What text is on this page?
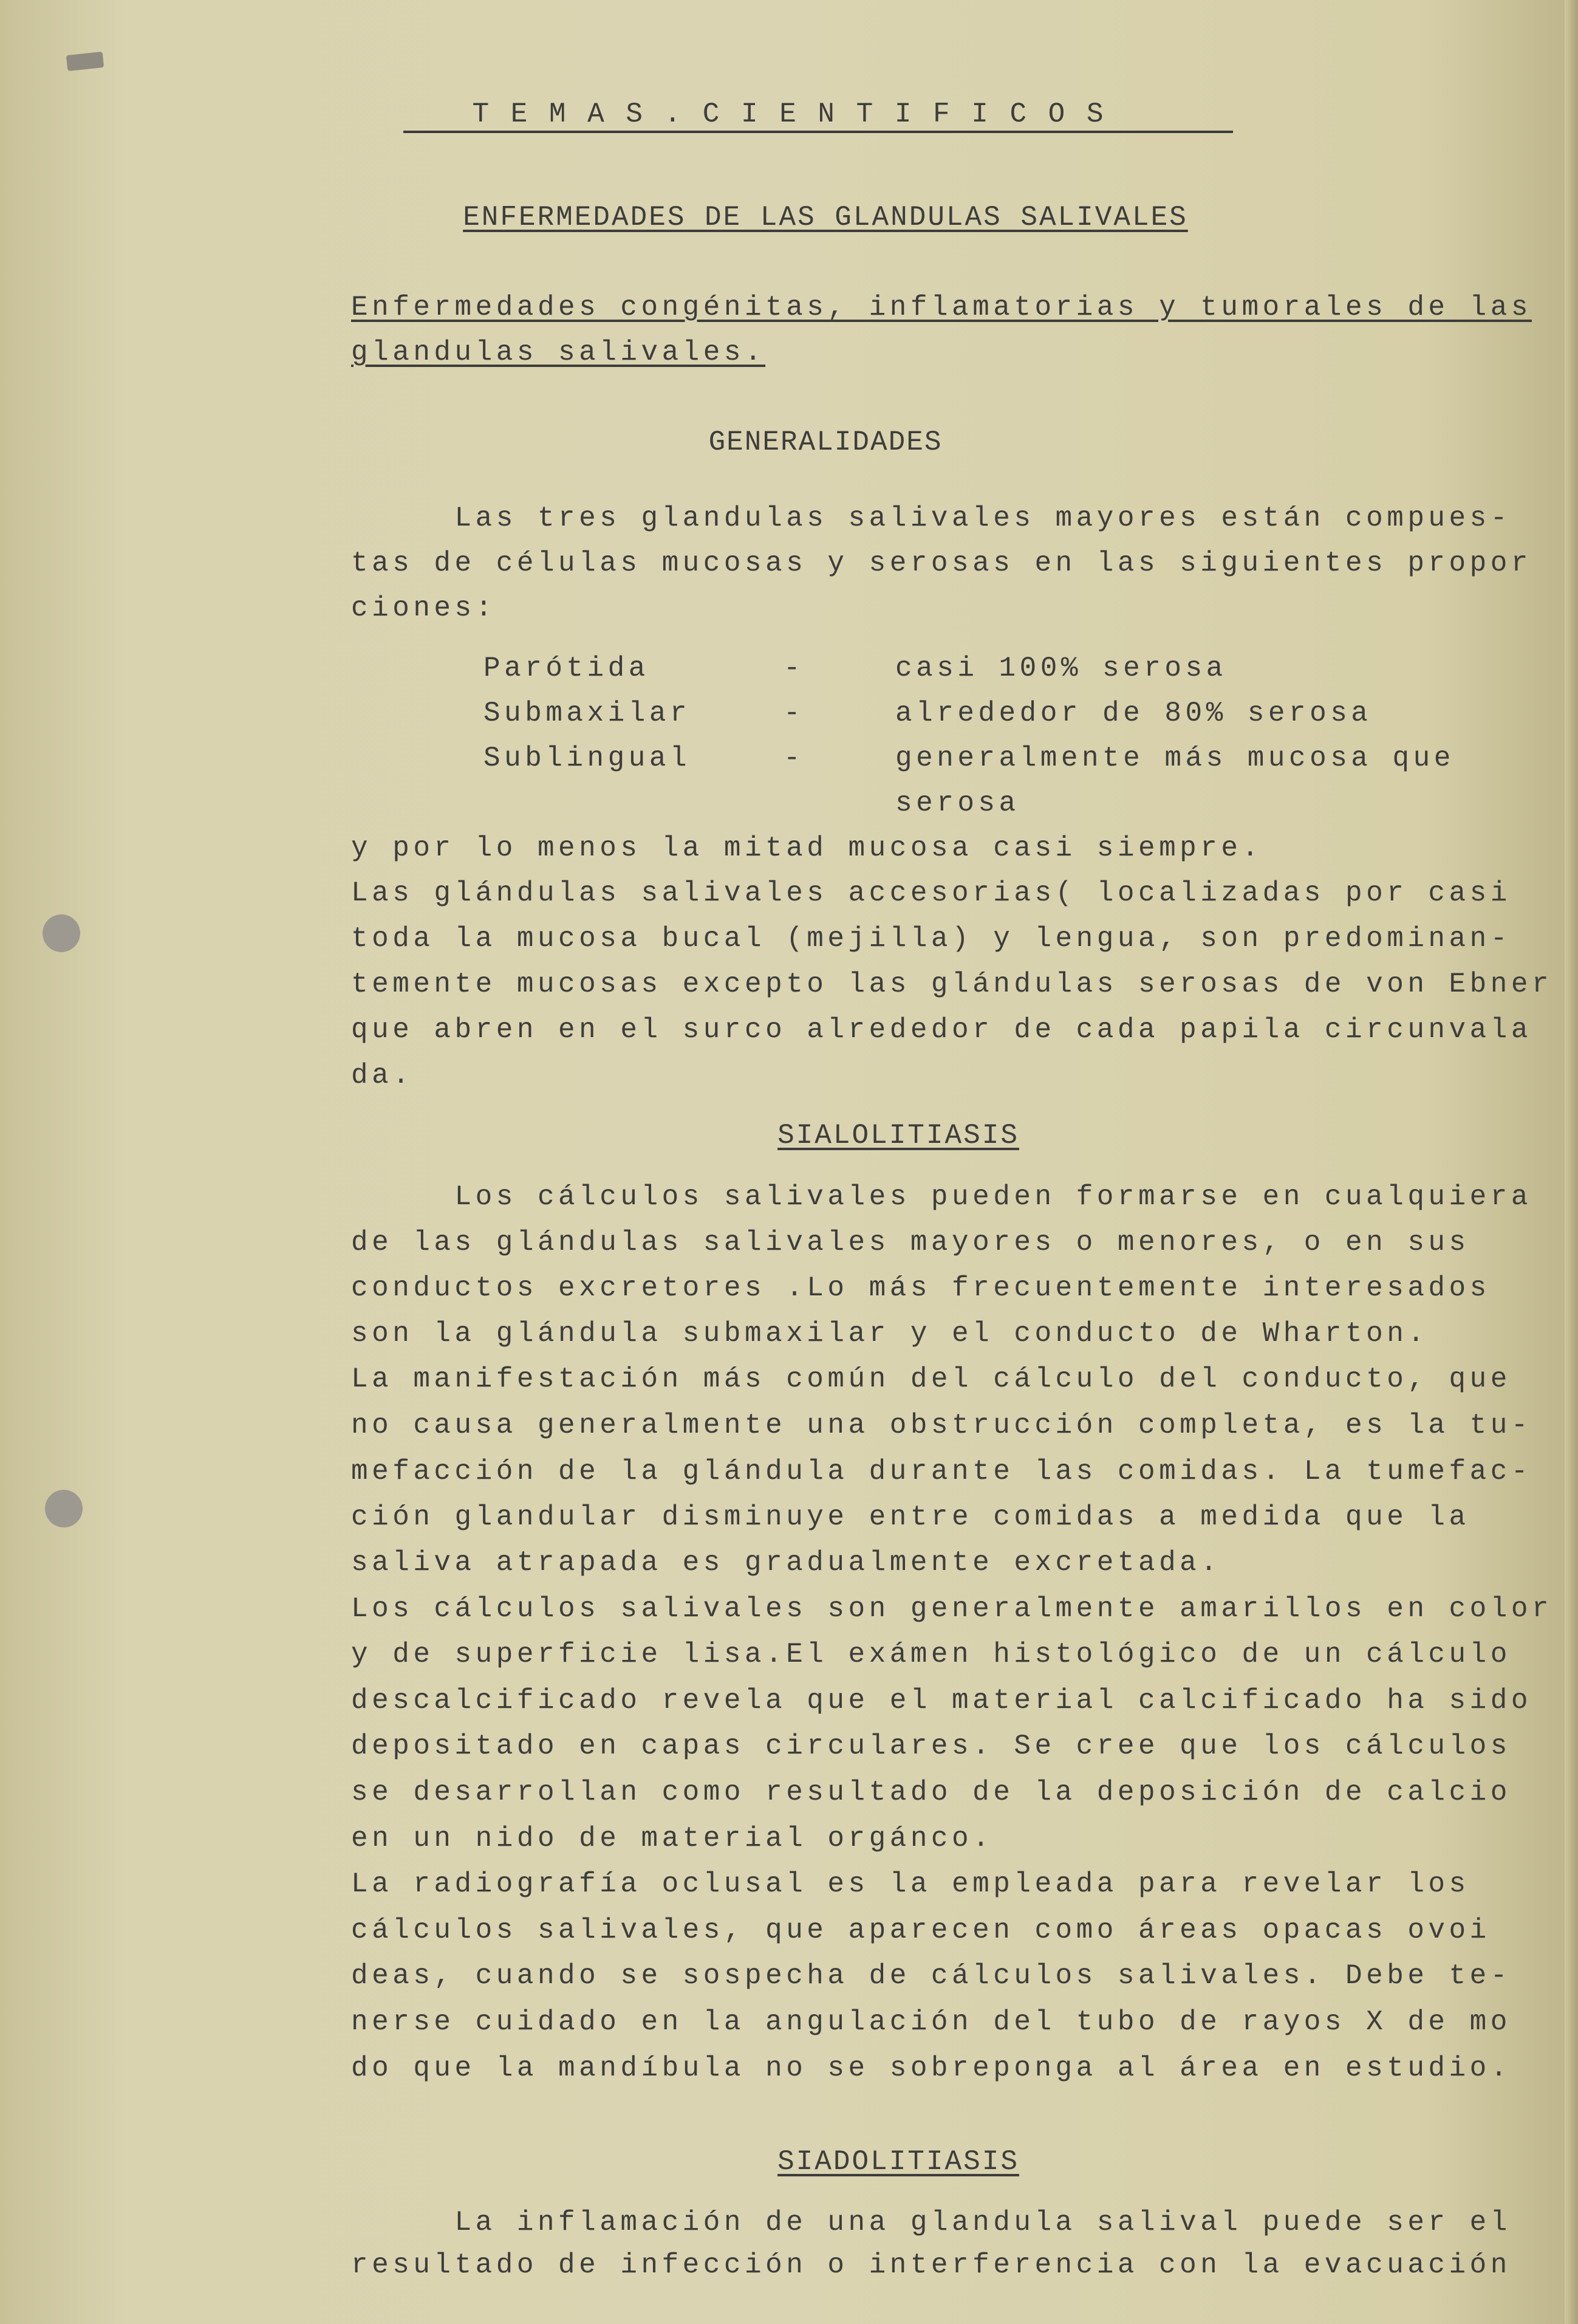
T E M A S . C I E N T I F I C O S
ENFERMEDADES DE LAS GLANDULAS SALIVALES
Enfermedades congénitas, inflamatorias y tumorales de las
glandulas salivales.
GENERALIDADES
Las tres glandulas salivales mayores están compues-
tas de células mucosas y serosas en las siguientes propor
ciones:
Parótida	-	casi 100% serosa
Submaxilar	-	alrededor de 80% serosa
Sublingual	-	generalmente más mucosa que
serosa
y por lo menos la mitad mucosa casi siempre.
Las glándulas salivales accesorias( localizadas por casi
toda la mucosa bucal (mejilla) y lengua, son predominan-
temente mucosas excepto las glándulas serosas de von Ebner
que abren en el surco alrededor de cada papila circunvala
da.
SIALOLITIASIS
Los cálculos salivales pueden formarse en cualquiera
de las glándulas salivales mayores o menores, o en sus
conductos excretores .Lo más frecuentemente interesados
son la glándula submaxilar y el conducto de Wharton.
La manifestación más común del cálculo del conducto, que
no causa generalmente una obstrucción completa, es la tu-
mefacción de la glándula durante las comidas. La tumefac-
ción glandular disminuye entre comidas a medida que la
saliva atrapada es gradualmente excretada.
Los cálculos salivales son generalmente amarillos en color
y de superficie lisa.El exámen histológico de un cálculo
descalcificado revela que el material calcificado ha sido
depositado en capas circulares. Se cree que los cálculos
se desarrollan como resultado de la deposición de calcio
en un nido de material orgánco.
La radiografía oclusal es la empleada para revelar los
cálculos salivales, que aparecen como áreas opacas ovoi
deas, cuando se sospecha de cálculos salivales. Debe te-
nerse cuidado en la angulación del tubo de rayos X de mo
do que la mandíbula no se sobreponga al área en estudio.
SIADOLITIASIS
La inflamación de una glandula salival puede ser el
resultado de infección o interferencia con la evacuación
